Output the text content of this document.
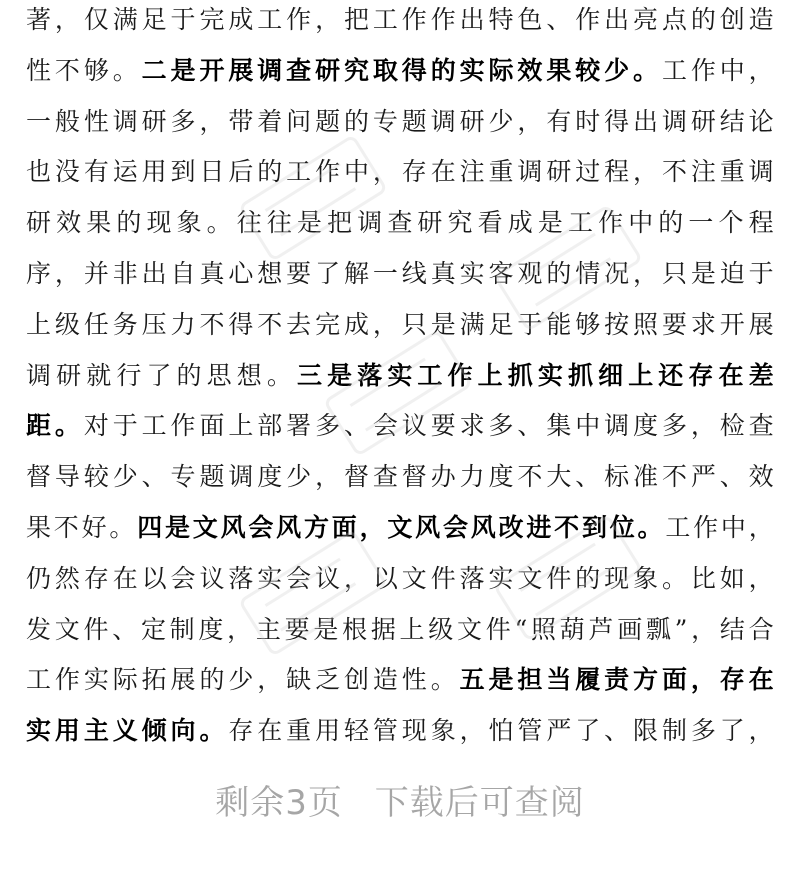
著 ， 仅 满 足 于 完 成 工 作 ， 把 工 作 作 出 特 色 、 作 出 亮 点 的 创 造
性 不 够 。 二 是 开 展 调 查 研 究 取 得 的 实 际 效 果 较 少 。 工 作 中 ，
一 般 性 调 研 多 ， 带 着 问 题 的 专 题 调 研 少 ， 有 时 得 出 调 研 结 论
也 没 有 运 用 到 日 后 的 工 作 中 ， 存 在 注 重 调 研 过 程 ， 不 注 重 调
研 效 果 的 现 象 。 往 往 是 把 调 查 研 究 看 成 是 工 作 中 的 一 个 程
序 ， 并 非 出 自 真 心 想 要 了 解 一 线 真 实 客 观 的 情 况 ， 只 是 迫 于
上 级 任 务 压 力 不 得 不 去 完 成 ， 只 是 满 足 于 能 够 按 照 要 求 开 展
调 研 就 行 了 的 思 想 。 三 是 落 实 工 作 上 抓 实 抓 细 上 还 存 在 差
距 。 对 于 工 作 面 上 部 署 多 、 会 议 要 求 多 、 集 中 调 度 多 ， 检 查
督 导 较 少 、 专 题 调 度 少 ， 督 查 督 办 力 度 不 大 、 标 准 不 严 、 效
果 不 好 。 四 是 文 风 会 风 方 面 ， 文 风 会 风 改 进 不 到 位 。 工 作 中 ，
仍 然 存 在 以 会 议 落 实 会 议 ， 以 文 件 落 实 文 件 的 现 象 。 比 如 ，
发 文 件 、 定 制 度 ， 主 要 是 根 据 上 级 文 件 “ 照 葫 芦 画 瓢 ” ， 结 合
工 作 实 际 拓 展 的 少 ， 缺 乏 创 造 性 。 五 是 担 当 履 责 方 面 ， 存 在
实 用 主 义 倾 向 。 存 在 重 用 轻 管 现 象 ， 怕 管 严 了 、 限 制 多 了 ，
剩余3页 下载后可查阅
